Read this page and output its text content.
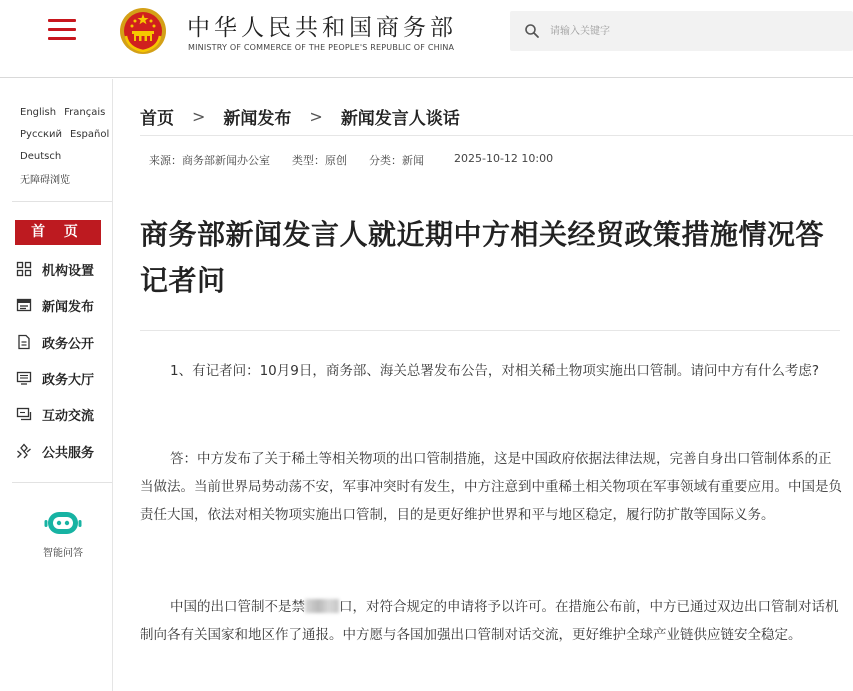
中华人民共和国商务部
MINISTRY OF COMMERCE OF THE PEOPLE'S REPUBLIC OF CHINA
请输入关键字
English Français
Русский Español
Deutsch
无障碍浏览
首 页
机构设置
新闻发布
政务公开
政务大厅
互动交流
公共服务
智能问答
首页 > 新闻发布 > 新闻发言人谈话
来源：商务部新闻办公室 类型：原创 分类：新闻	2025-10-12 10:00
商务部新闻发言人就近期中方相关经贸政策措施情况答记者问

1、有记者问：10月9日，商务部、海关总署发布公告，对相关稀土物项实施出口管制。请问中方有什么考虑?

答：中方发布了关于稀土等相关物项的出口管制措施，这是中国政府依据法律法规，完善自身出口管制体系的正当做法。当前世界局势动荡不安，军事冲突时有发生，中方注意到中重稀土相关物项在军事领域有重要应用。中国是负责任大国，依法对相关物项实施出口管制，目的是更好维护世界和平与地区稳定，履行防扩散等国际义务。

中国的出口管制不是禁	口，对符合规定的申请将予以许可。在措施公布前，中方已通过双边出口管制对话机制向各有关国家和地区作了通报。中方愿与各国加强出口管制对话交流，更好维护全球产业链供应链安全稳定。
